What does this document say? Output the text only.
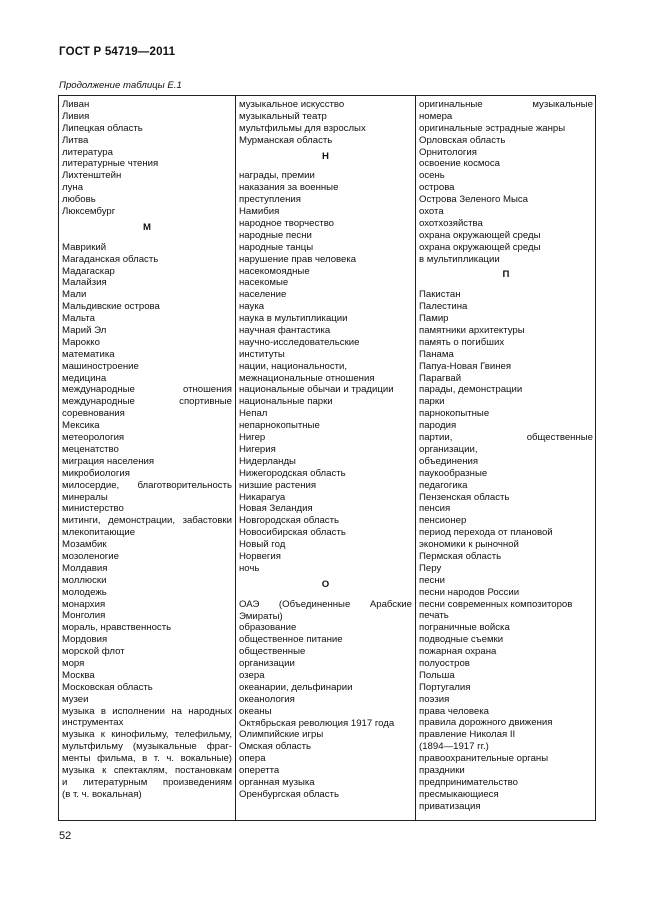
ГОСТ Р 54719—2011
Продолжение таблицы Е.1
Ливан
Ливия
Липецкая область
Литва
литература
литературные чтения
Лихтенштейн
луна
любовь
Люксембург
М
Маврикий
Магаданская область
Мадагаскар
Малайзия
Мали
Мальдивские острова
Мальта
Марий Эл
Марокко
математика
машиностроение
медицина
международные отношения
международные спортивные
соревнования
Мексика
метеорология
меценатство
миграция населения
микробиология
милосердие, благотворительность
минералы
министерство
митинги, демонстрации, забастовки
млекопитающие
Мозамбик
мозоленогие
Молдавия
моллюски
молодежь
монархия
Монголия
мораль, нравственность
Мордовия
морской флот
моря
Москва
Московская область
музеи
музыка в исполнении на народных
инструментах
музыка к кинофильму, телефильму,
мультфильму (музыкальные фраг-
менты фильма, в т. ч. вокальные)
музыка к спектаклям, постановкам
и литературным произведениям
(в т. ч. вокальная)
музыкальное искусство
музыкальный театр
мультфильмы для взрослых
Мурманская область
Н
награды, премии
наказания за военные
преступления
Намибия
народное творчество
народные песни
народные танцы
нарушение прав человека
насекомоядные
насекомые
население
наука
наука в мультипликации
научная фантастика
научно-исследовательские
институты
нации, национальности,
межнациональные отношения
национальные обычаи и традиции
национальные парки
Непал
непарнокопытные
Нигер
Нигерия
Нидерланды
Нижегородская область
низшие растения
Никарагуа
Новая Зеландия
Новгородская область
Новосибирская область
Новый год
Норвегия
ночь
О
ОАЭ (Объединенные Арабские
Эмираты)
образование
общественное питание
общественные
организации
озера
океанарии, дельфинарии
океанология
океаны
Октябрьская революция 1917 года
Олимпийские игры
Омская область
опера
оперетта
органная музыка
Оренбургская область
оригинальные музыкальные
номера
оригинальные эстрадные жанры
Орловская область
Орнитология
освоение космоса
осень
острова
Острова Зеленого Мыса
охота
охотхозяйства
охрана окружающей среды
охрана окружающей среды
в мультипликации
П
Пакистан
Палестина
Памир
памятники архитектуры
память о погибших
Панама
Папуа-Новая Гвинея
Парагвай
парады, демонстрации
парки
парнокопытные
пародия
партии, общественные
организации,
объединения
паукообразные
педагогика
Пензенская область
пенсия
пенсионер
период перехода от плановой
экономики к рыночной
Пермская область
Перу
песни
песни народов России
песни современных композиторов
печать
пограничные войска
подводные съемки
пожарная охрана
полуостров
Польша
Португалия
поэзия
права человека
правила дорожного движения
правление Николая II
(1894—1917 гг.)
правоохранительные органы
праздники
предпринимательство
пресмыкающиеся
приватизация
52
